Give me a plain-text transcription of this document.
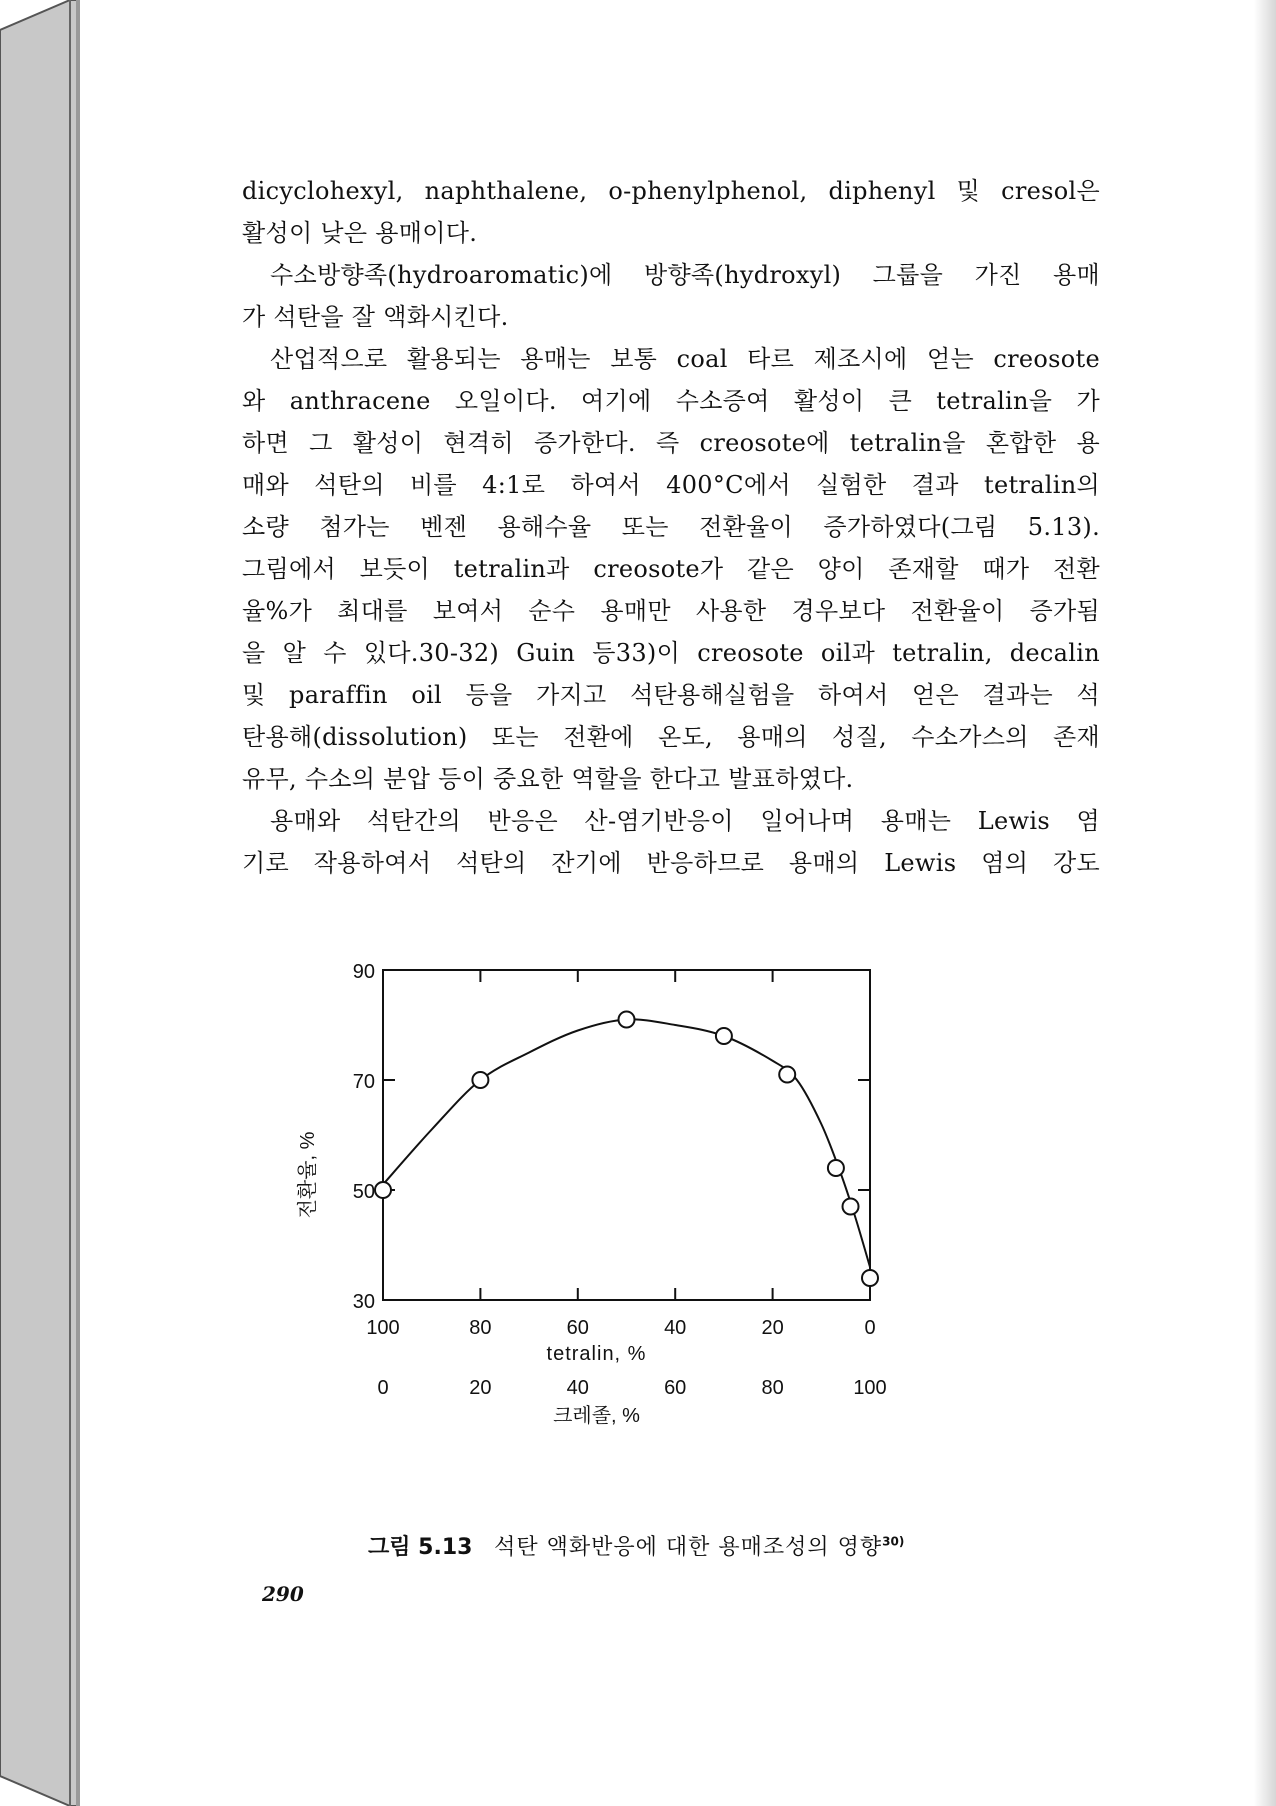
dicyclohexyl, naphthalene, o-phenylphenol, diphenyl 및 cresol은
활성이 낮은 용매이다.
수소방향족(hydroaromatic)에 방향족(hydroxyl) 그룹을 가진 용매
가 석탄을 잘 액화시킨다.
산업적으로 활용되는 용매는 보통 coal 타르 제조시에 얻는 creosote
와 anthracene 오일이다. 여기에 수소증여 활성이 큰 tetralin을 가
하면 그 활성이 현격히 증가한다. 즉 creosote에 tetralin을 혼합한 용
매와 석탄의 비를 4:1로 하여서 400°C에서 실험한 결과 tetralin의
소량 첨가는 벤젠 용해수율 또는 전환율이 증가하였다(그림 5.13).
그림에서 보듯이 tetralin과 creosote가 같은 양이 존재할 때가 전환
율%가 최대를 보여서 순수 용매만 사용한 경우보다 전환율이 증가됨
을 알 수 있다.30-32) Guin 등33)이 creosote oil과 tetralin, decalin
및 paraffin oil 등을 가지고 석탄용해실험을 하여서 얻은 결과는 석
탄용해(dissolution) 또는 전환에 온도, 용매의 성질, 수소가스의 존재
유무, 수소의 분압 등이 중요한 역할을 한다고 발표하였다.
용매와 석탄간의 반응은 산-염기반응이 일어나며 용매는 Lewis 염
기로 작용하여서 석탄의 잔기에 반응하므로 용매의 Lewis 염의 강도
30
50
70
90
100
0
80
20
60
40
40
60
20
80
0
100
tetralin, %
크레졸, %
전환율, %
그림 5.13 석탄 액화반응에 대한 용매조성의 영향$^{30)}$
290
